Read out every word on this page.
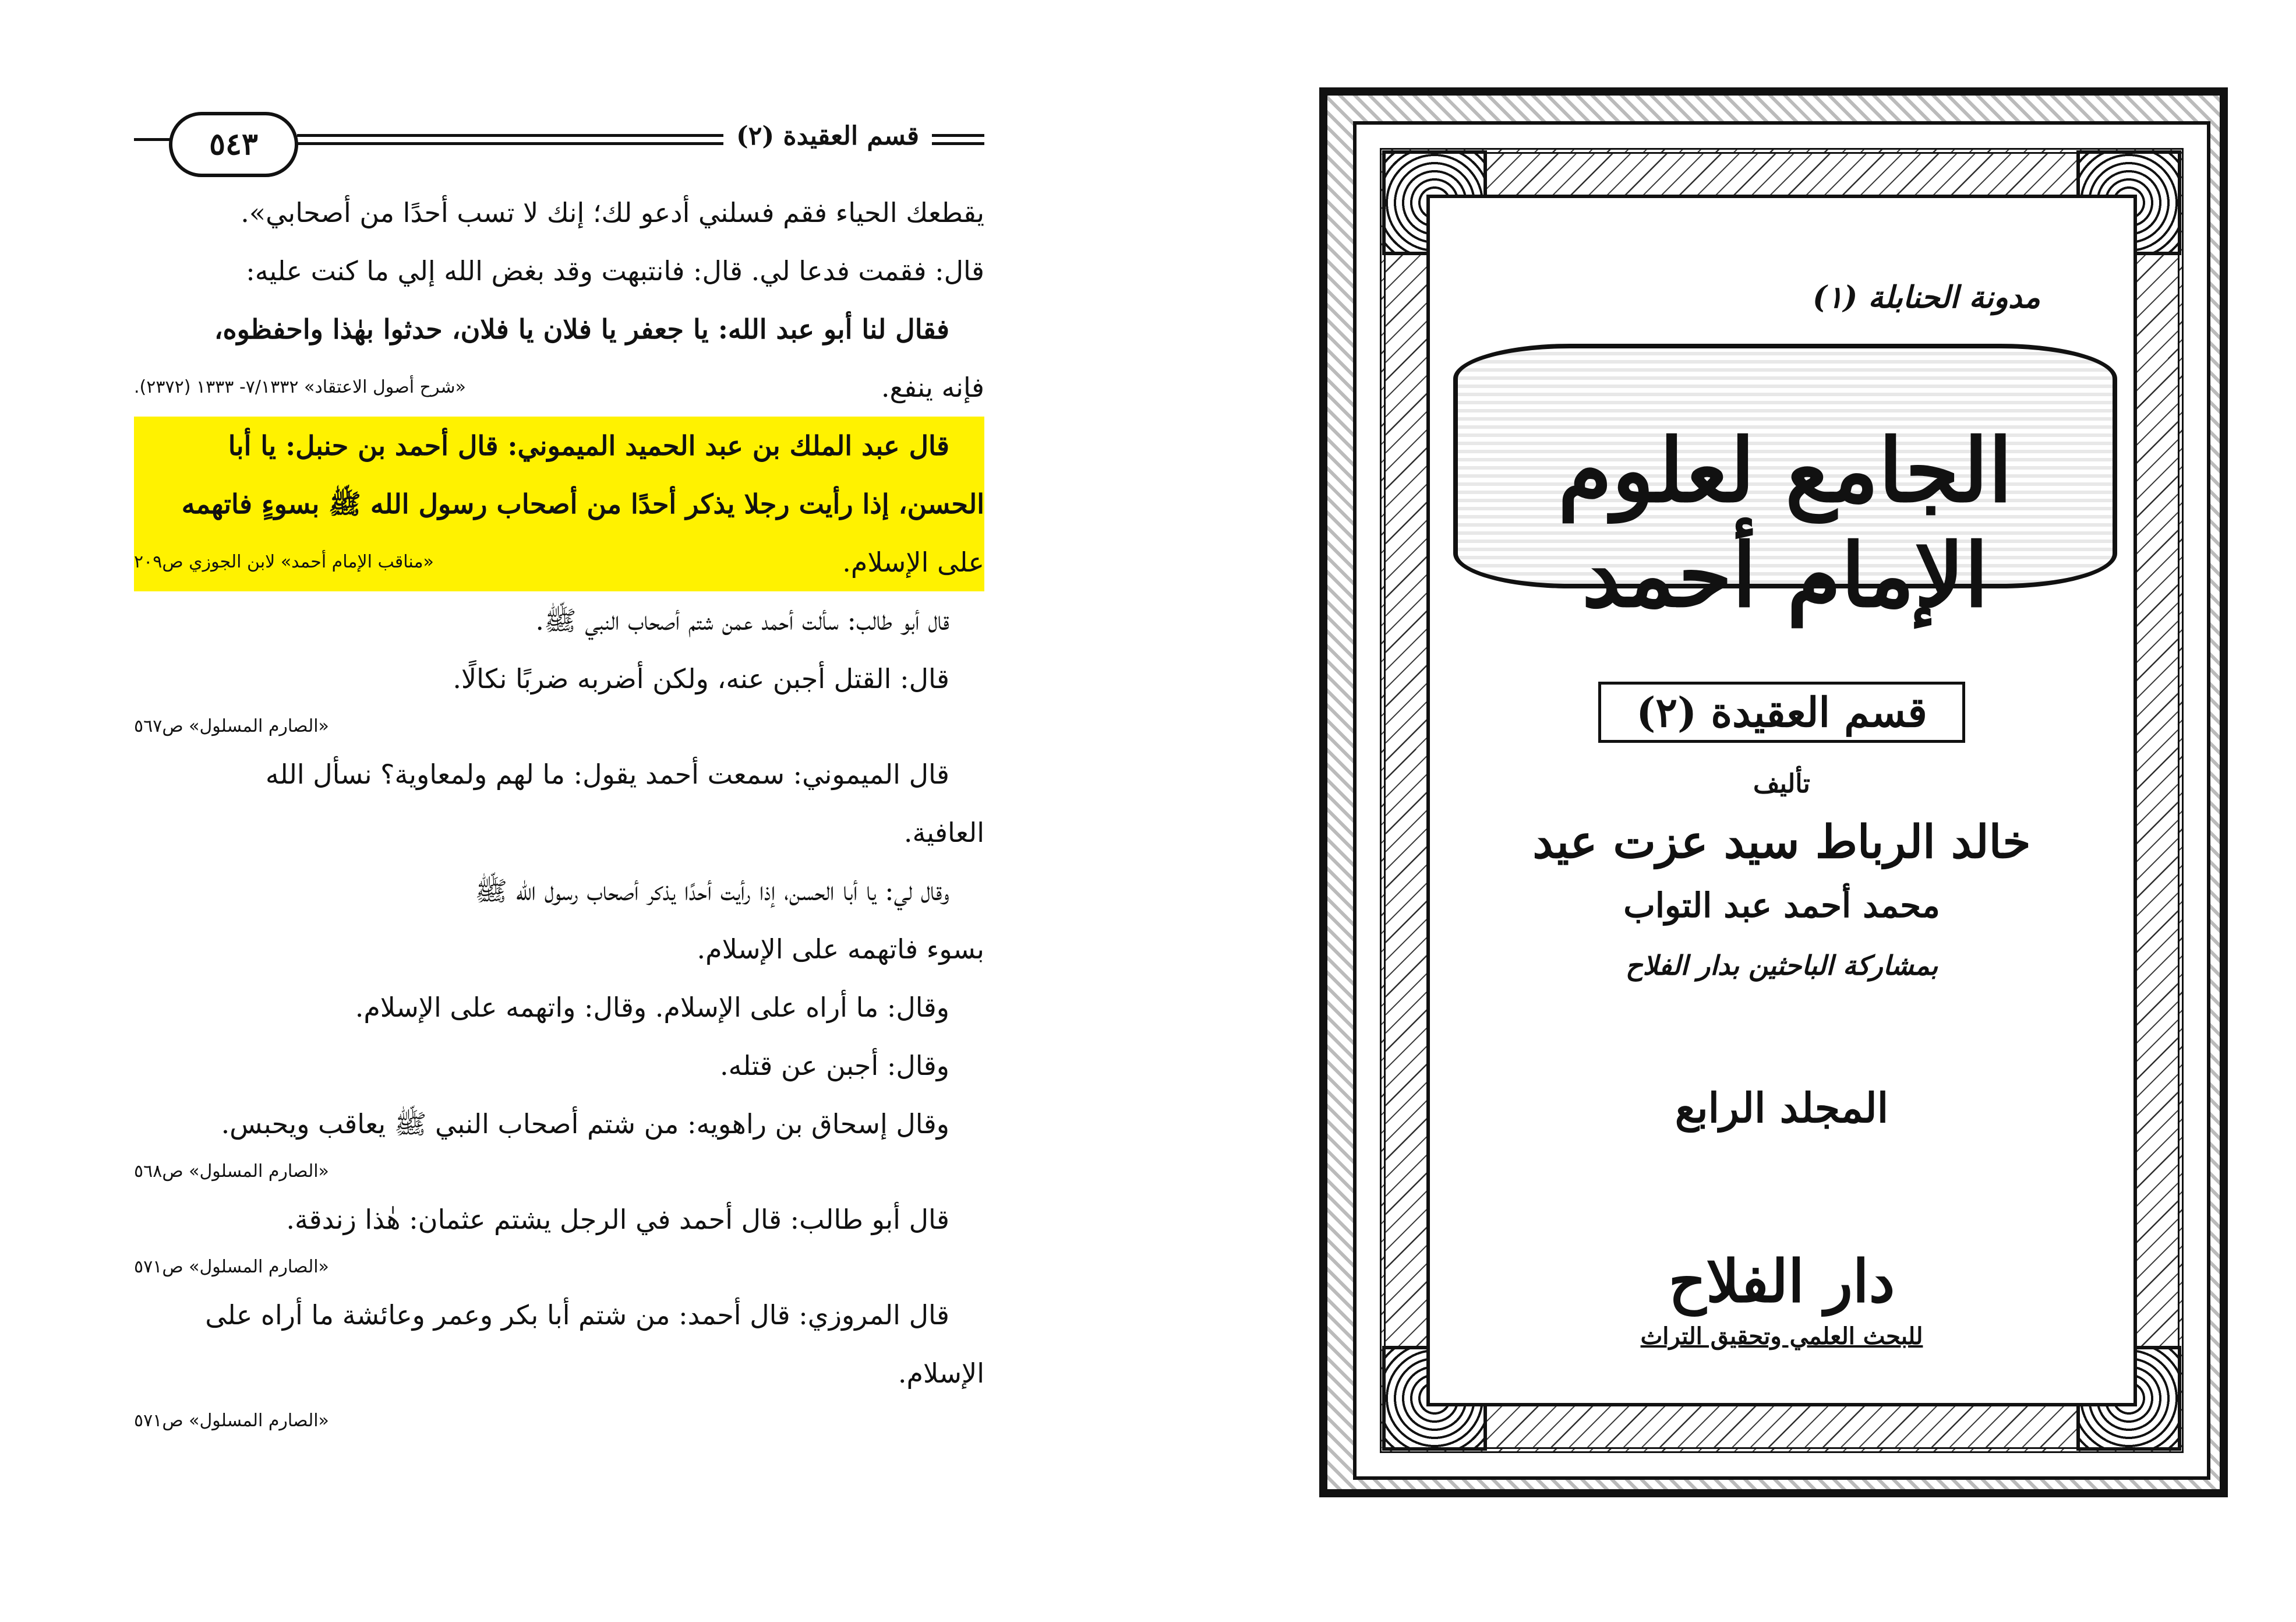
قسم العقيدة (٢)
٥٤٣
يقطعك الحياء فقم فسلني أدعو لك؛ إنك لا تسب أحدًا من أصحابي».
قال: فقمت فدعا لي. قال: فانتبهت وقد بغض الله إلي ما كنت عليه:
فقال لنا أبو عبد الله: يا جعفر يا فلان يا فلان، حدثوا بهٰذا واحفظوه،
فإنه ينفع.
«شرح أصول الاعتقاد» ٧/١٣٣٢- ١٣٣٣ (٢٣٧٢).
قال عبد الملك بن عبد الحميد الميموني: قال أحمد بن حنبل: يا أبا
الحسن، إذا رأيت رجلا يذكر أحدًا من أصحاب رسول الله ﷺ بسوءٍ فاتهمه
على الإسلام.
«مناقب الإمام أحمد» لابن الجوزي ص٢٠٩
قال أبو طالب: سألت أحمد عمن شتم أصحاب النبي ﷺ.
قال: القتل أجبن عنه، ولكن أضربه ضربًا نكالًا.
«الصارم المسلول» ص٥٦٧
قال الميموني: سمعت أحمد يقول: ما لهم ولمعاوية؟ نسأل الله
العافية.
وقال لي: يا أبا الحسن، إذا رأيت أحدًا يذكر أصحاب رسول الله ﷺ
بسوء فاتهمه على الإسلام.
وقال: ما أراه على الإسلام. وقال: واتهمه على الإسلام.
وقال: أجبن عن قتله.
وقال إسحاق بن راهويه: من شتم أصحاب النبي ﷺ يعاقب ويحبس.
«الصارم المسلول» ص٥٦٨
قال أبو طالب: قال أحمد في الرجل يشتم عثمان: هٰذا زندقة.
«الصارم المسلول» ص٥٧١
قال المروزي: قال أحمد: من شتم أبا بكر وعمر وعائشة ما أراه على
الإسلام.
«الصارم المسلول» ص٥٧١
مدونة الحنابلة (١)
الجامع لعلوم الإمام أحمد
قسم العقيدة (٢)
تأليف
خالد الرباط سيد عزت عيد
محمد أحمد عبد التواب
بمشاركة الباحثين بدار الفلاح
المجلد الرابع
دار الفلاح
للبحث العلمي وتحقيق التراث
